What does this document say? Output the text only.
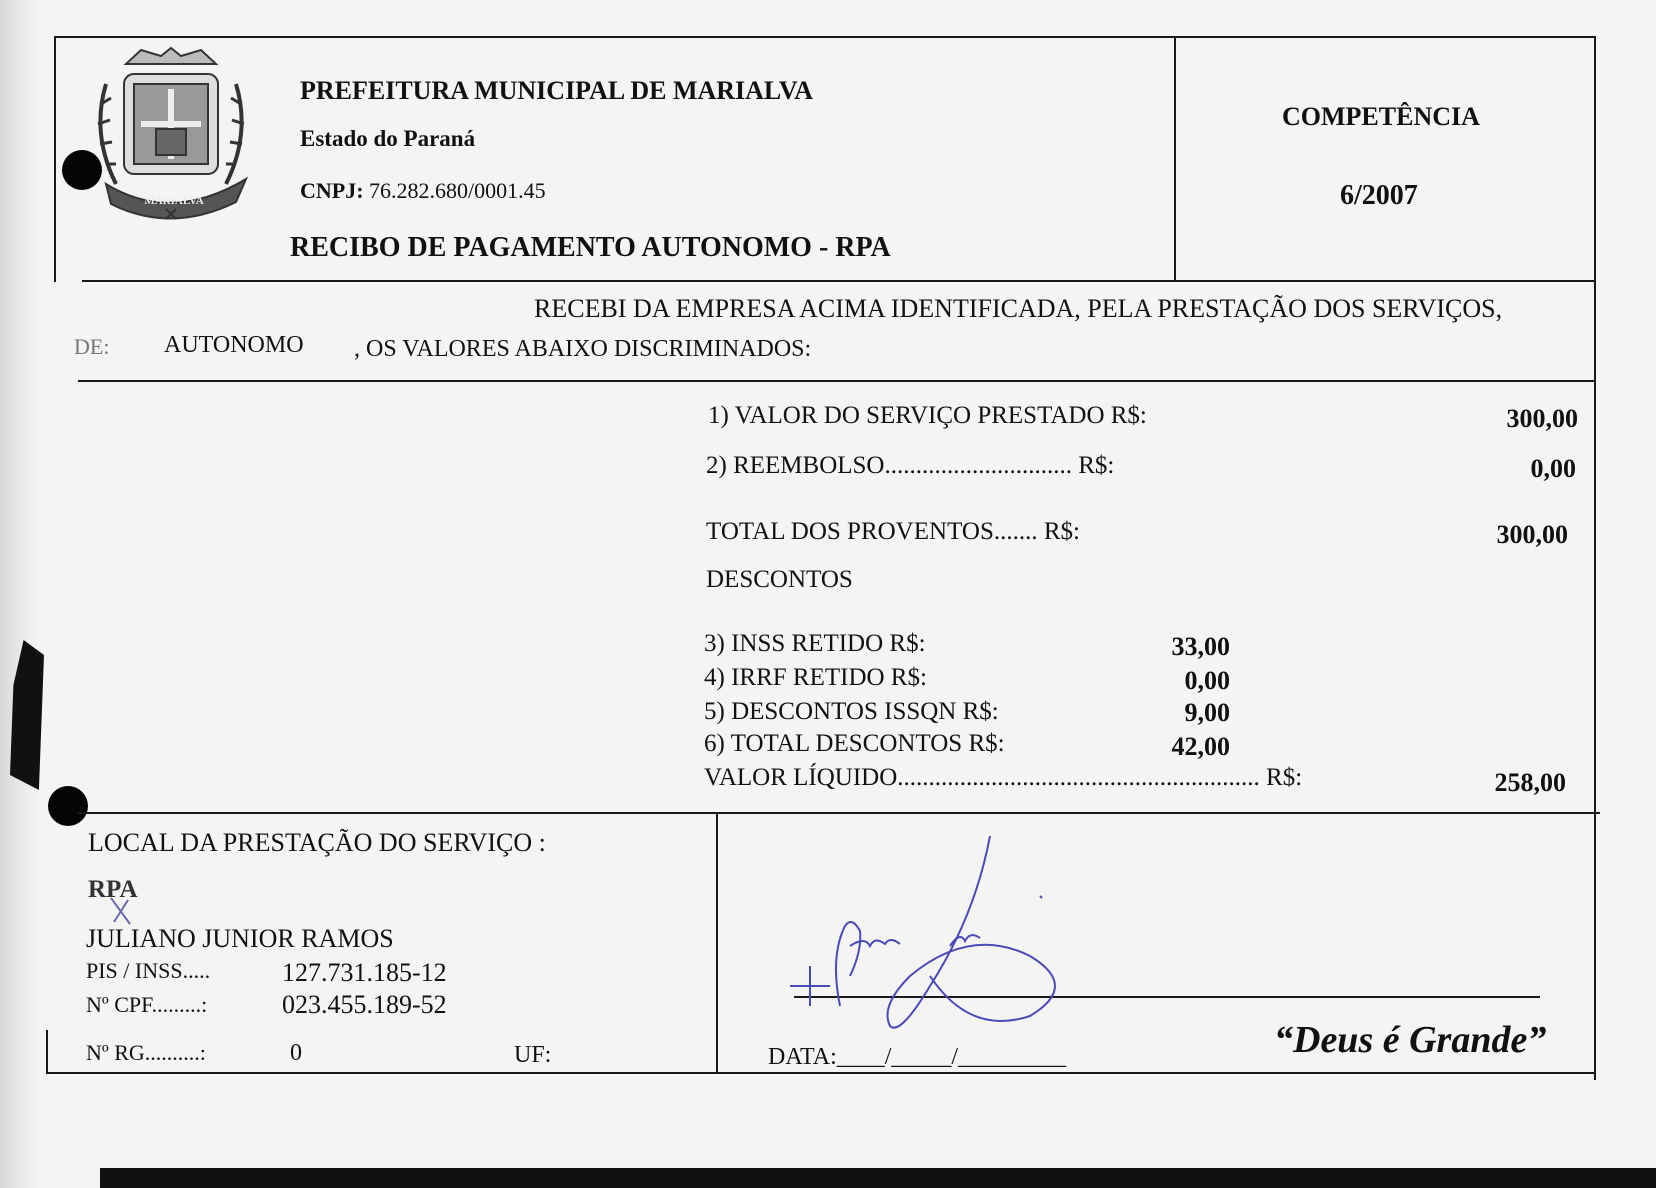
MARIALVA
PREFEITURA MUNICIPAL DE MARIALVA
Estado do Paraná
CNPJ: 76.282.680/0001.45
RECIBO DE PAGAMENTO AUTONOMO - RPA
COMPETÊNCIA
6/2007
RECEBI DA EMPRESA ACIMA IDENTIFICADA, PELA PRESTAÇÃO DOS SERVIÇOS,
DE: AUTONOMO , OS VALORES ABAIXO DISCRIMINADOS:
1) VALOR DO SERVIÇO PRESTADO R$:	300,00
2) REEMBOLSO.............................. R$:	0,00
TOTAL DOS PROVENTOS....... R$:	300,00
DESCONTOS
3) INSS RETIDO R$:	33,00
4) IRRF RETIDO R$:	0,00
5) DESCONTOS ISSQN R$:	9,00
6) TOTAL DESCONTOS R$:	42,00
VALOR LÍQUIDO.......................................................... R$:	258,00
LOCAL DA PRESTAÇÃO DO SERVIÇO :
RPA
JULIANO JUNIOR RAMOS
PIS / INSS.....	127.731.185-12
Nº CPF.........:	023.455.189-52
Nº RG..........:	0	UF:	DATA:____/_____/_________	“Deus é Grande”
